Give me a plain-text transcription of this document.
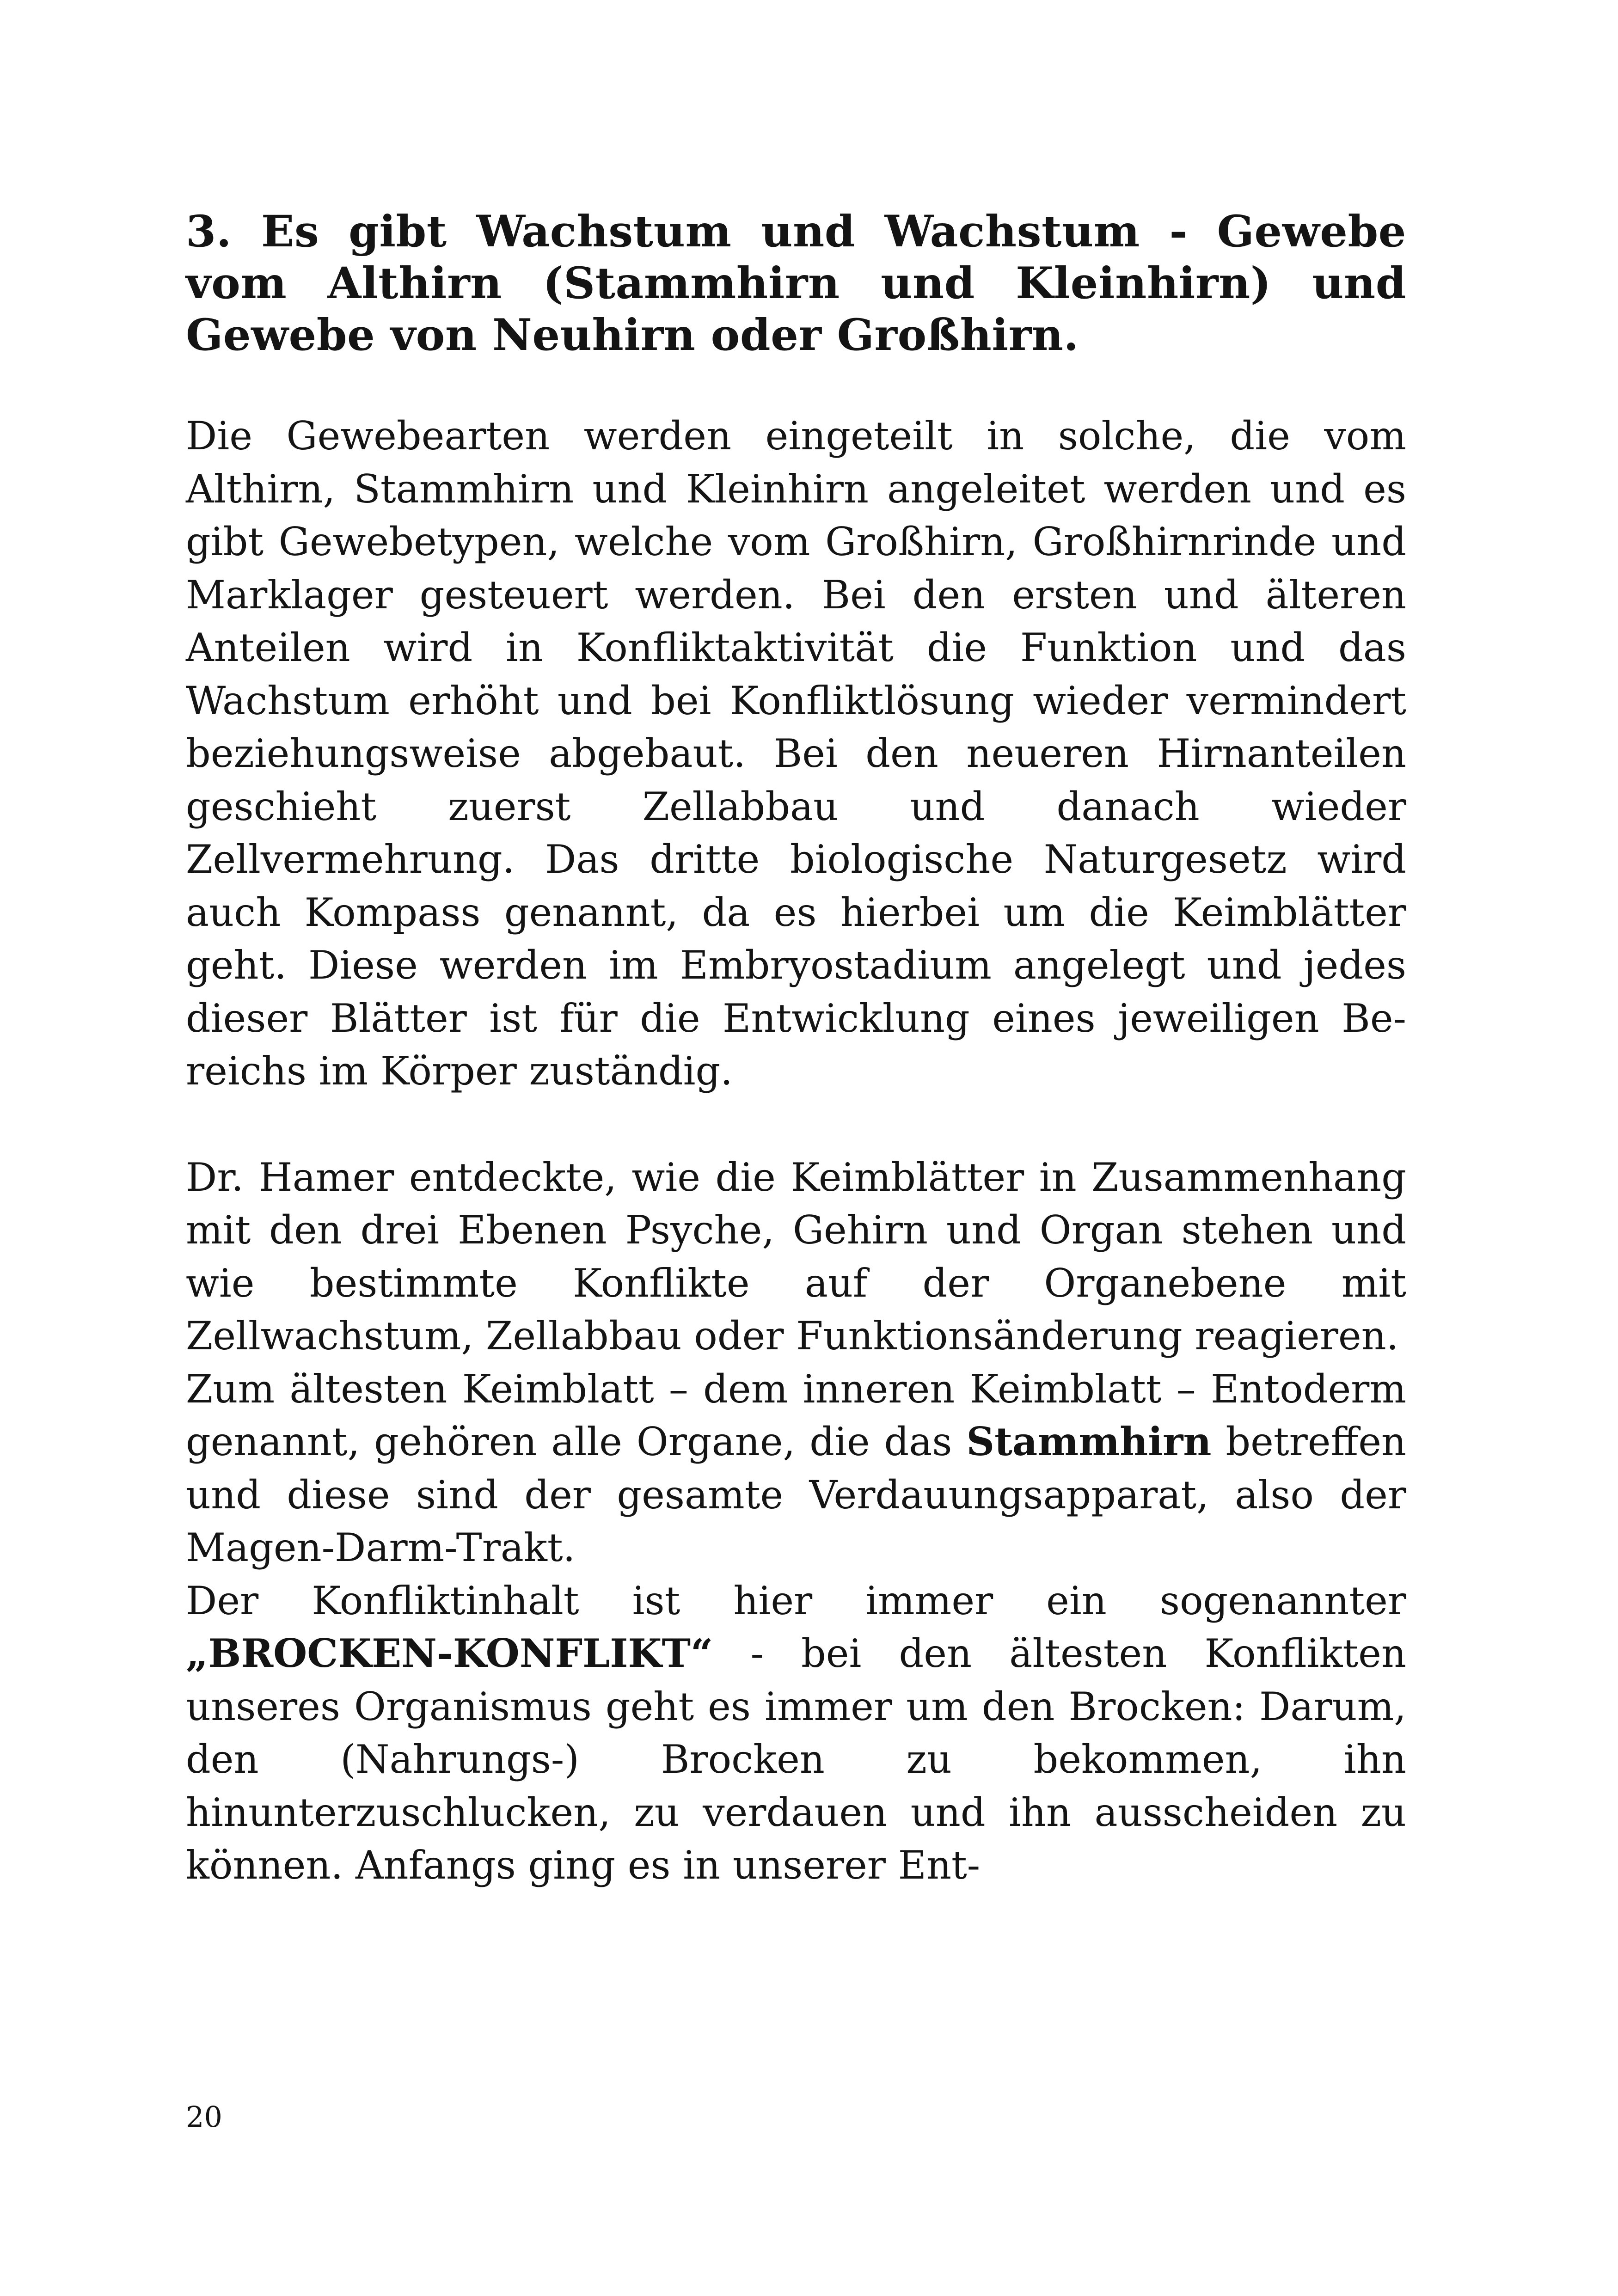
3. Es gibt Wachstum und Wachstum - Gewebe vom Althirn (Stammhirn und Kleinhirn) und Gewebe von Neuhirn oder Großhirn.

Die Gewebearten werden eingeteilt in solche, die vom Althirn, Stammhirn und Kleinhirn angeleitet werden und es gibt Gewebetypen, welche vom Großhirn, Großhirnrinde und Marklager gesteuert werden. Bei den ersten und älteren Anteilen wird in Konfliktaktivität die Funktion und das Wachstum erhöht und bei Konfliktlösung wieder vermindert beziehungsweise abgebaut. Bei den neueren Hirnanteilen geschieht zuerst Zellabbau und danach wieder Zellvermehrung. Das dritte biologische Naturgesetz wird auch Kompass genannt, da es hierbei um die Keimblätter geht. Diese werden im Embryostadium angelegt und jedes dieser Blätter ist für die Entwicklung eines jeweiligen Bereichs im Körper zuständig.

Dr. Hamer entdeckte, wie die Keimblätter in Zusammenhang mit den drei Ebenen Psyche, Gehirn und Organ stehen und wie bestimmte Konflikte auf der Organebene mit Zellwachstum, Zellabbau oder Funktionsänderung reagieren.

Zum ältesten Keimblatt – dem inneren Keimblatt – Entoderm genannt, gehören alle Organe, die das Stammhirn betreffen und diese sind der gesamte Verdauungsapparat, also der Magen-Darm-Trakt.

Der Konfliktinhalt ist hier immer ein sogenannter „BROCKEN-KONFLIKT“ - bei den ältesten Konflikten unseres Organismus geht es immer um den Brocken: Darum, den (Nahrungs-) Brocken zu bekommen, ihn hinunterzuschlucken, zu verdauen und ihn ausscheiden zu können. Anfangs ging es in unserer Ent-

20
